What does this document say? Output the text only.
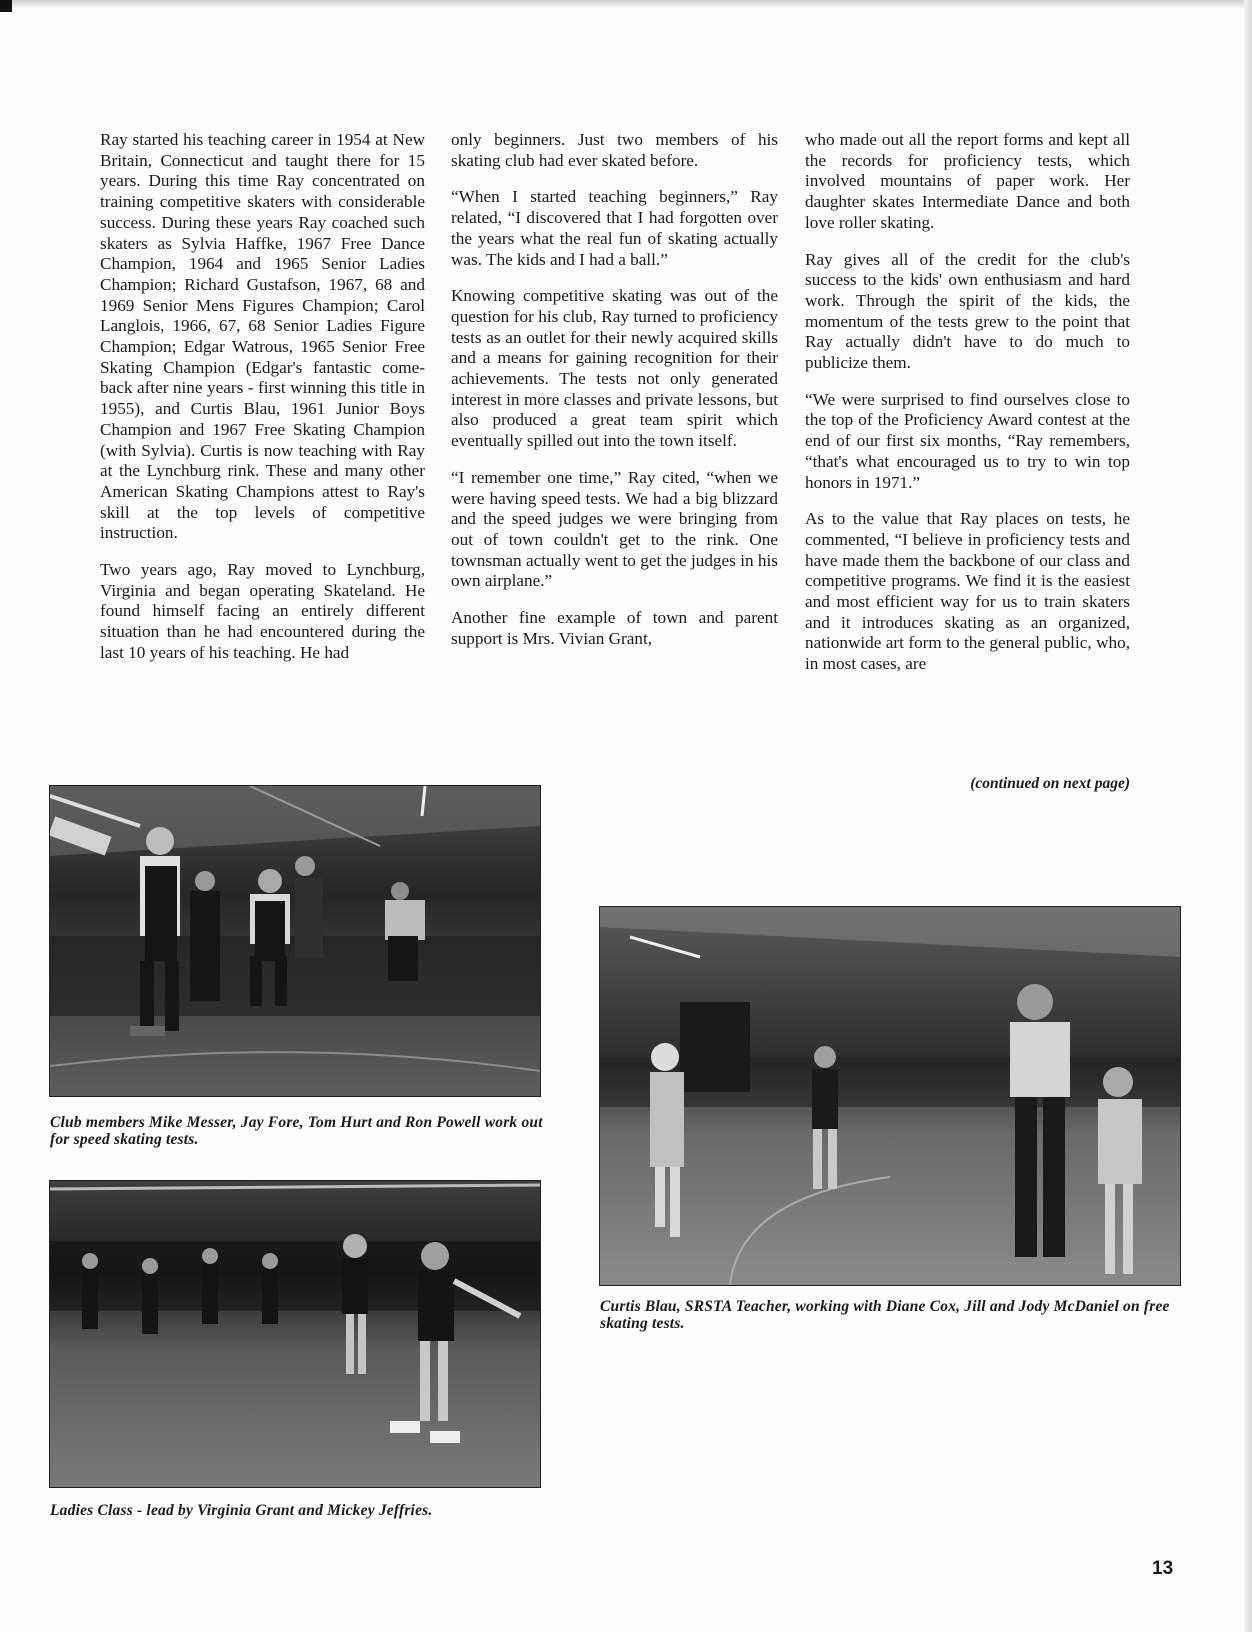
Ray started his teaching career in 1954 at New Britain, Connecticut and taught there for 15 years. During this time Ray concentrated on training competitive skaters with considerable success. During these years Ray coached such skaters as Sylvia Haffke, 1967 Free Dance Champion, 1964 and 1965 Senior Ladies Champion; Richard Gustafson, 1967, 68 and 1969 Senior Mens Figures Champion; Carol Langlois, 1966, 67, 68 Senior Ladies Figure Champion; Edgar Watrous, 1965 Senior Free Skating Champion (Edgar's fantastic come-back after nine years - first winning this title in 1955), and Curtis Blau, 1961 Junior Boys Champion and 1967 Free Skating Champion (with Sylvia). Curtis is now teaching with Ray at the Lynchburg rink. These and many other American Skating Champions attest to Ray's skill at the top levels of competitive instruction.

Two years ago, Ray moved to Lynchburg, Virginia and began operating Skateland. He found himself facing an entirely different situation than he had encountered during the last 10 years of his teaching. He had

only beginners. Just two members of his skating club had ever skated before.

“When I started teaching beginners,” Ray related, “I discovered that I had forgotten over the years what the real fun of skating actually was. The kids and I had a ball.”

Knowing competitive skating was out of the question for his club, Ray turned to proficiency tests as an outlet for their newly acquired skills and a means for gaining recognition for their achievements. The tests not only generated interest in more classes and private lessons, but also produced a great team spirit which eventually spilled out into the town itself.

“I remember one time,” Ray cited, “when we were having speed tests. We had a big blizzard and the speed judges we were bringing from out of town couldn't get to the rink. One townsman actually went to get the judges in his own airplane.”

Another fine example of town and parent support is Mrs. Vivian Grant,

who made out all the report forms and kept all the records for proficiency tests, which involved mountains of paper work. Her daughter skates Intermediate Dance and both love roller skating.

Ray gives all of the credit for the club's success to the kids' own enthusiasm and hard work. Through the spirit of the kids, the momentum of the tests grew to the point that Ray actually didn't have to do much to publicize them.

“We were surprised to find ourselves close to the top of the Proficiency Award contest at the end of our first six months, “Ray remembers, “that's what encouraged us to try to win top honors in 1971.”

As to the value that Ray places on tests, he commented, “I believe in proficiency tests and have made them the backbone of our class and competitive programs. We find it is the easiest and most efficient way for us to train skaters and it introduces skating as an organized, nationwide art form to the general public, who, in most cases, are

(continued on next page)
Club members Mike Messer, Jay Fore, Tom Hurt and Ron Powell work out for speed skating tests.
Ladies Class - lead by Virginia Grant and Mickey Jeffries.
Curtis Blau, SRSTA Teacher, working with Diane Cox, Jill and Jody McDaniel on free skating tests.
13
